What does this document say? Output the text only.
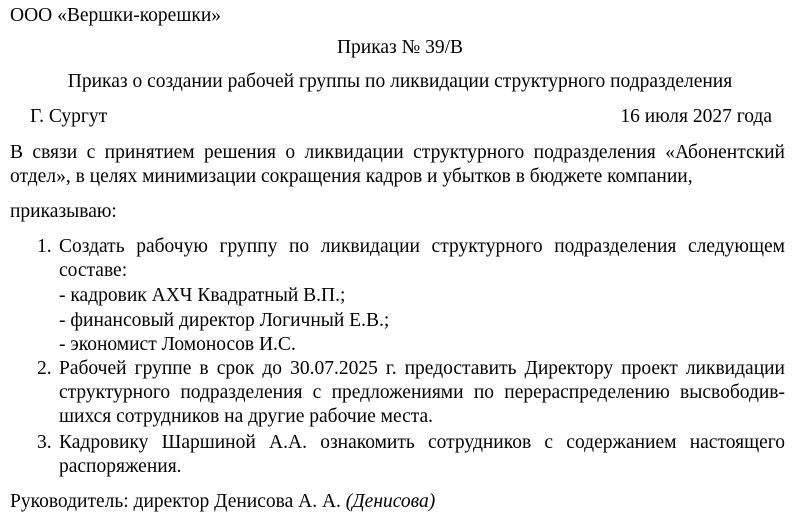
ООО «Вершки-корешки»
Приказ № 39/В
Приказ о создании рабочей группы по ликвидации структурного подразделения
Г. Сургут	16 июля 2027 года
В связи с принятием решения о ликвидации структурного подразделения «Абонентский
отдел», в целях минимизации сокращения кадров и убытков в бюджете компании,
приказываю:
1. Создать рабочую группу по ликвидации структурного подразделения следующем
составе:
- кадровик АХЧ Квадратный В.П.;
- финансовый директор Логичный Е.В.;
- экономист Ломоносов И.С.
2. Рабочей группе в срок до 30.07.2025 г. предоставить Директору проект ликвидации
структурного подразделения с предложениями по перераспределению высвободив-
шихся сотрудников на другие рабочие места.
3. Кадровику Шаршиной А.А. ознакомить сотрудников с содержанием настоящего
распоряжения.
Руководитель: директор Денисова А. А. (Денисова)
